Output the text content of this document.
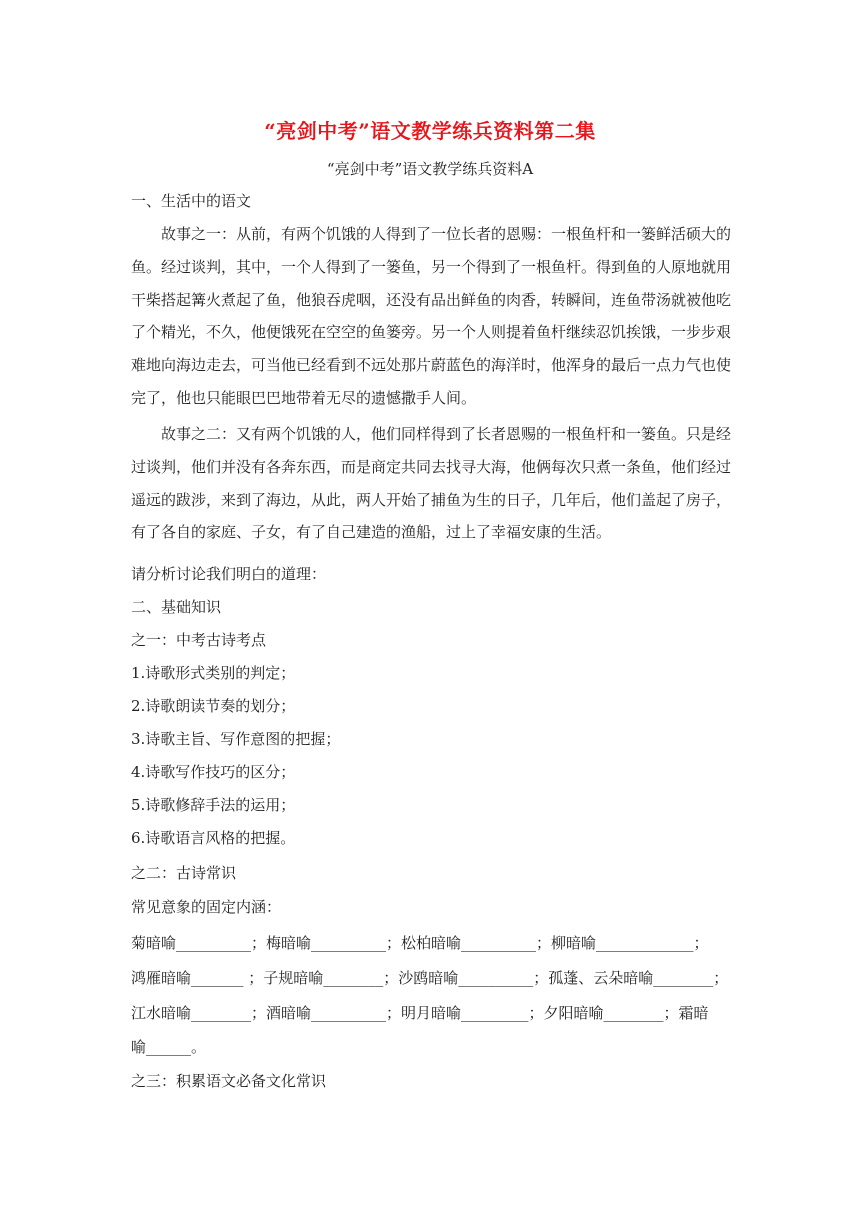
“亮剑中考”语文教学练兵资料第二集
“亮剑中考”语文教学练兵资料A
一、生活中的语文
故事之一：从前，有两个饥饿的人得到了一位长者的恩赐：一根鱼杆和一篓鲜活硕大的鱼。经过谈判，其中，一个人得到了一篓鱼，另一个得到了一根鱼杆。得到鱼的人原地就用干柴搭起篝火煮起了鱼，他狼吞虎咽，还没有品出鲜鱼的肉香，转瞬间，连鱼带汤就被他吃了个精光，不久，他便饿死在空空的鱼篓旁。另一个人则提着鱼杆继续忍饥挨饿，一步步艰难地向海边走去，可当他已经看到不远处那片蔚蓝色的海洋时，他浑身的最后一点力气也使完了，他也只能眼巴巴地带着无尽的遗憾撒手人间。
故事之二：又有两个饥饿的人，他们同样得到了长者恩赐的一根鱼杆和一篓鱼。只是经过谈判，他们并没有各奔东西，而是商定共同去找寻大海，他俩每次只煮一条鱼，他们经过遥远的跋涉，来到了海边，从此，两人开始了捕鱼为生的日子，几年后，他们盖起了房子，有了各自的家庭、子女，有了自己建造的渔船，过上了幸福安康的生活。
请分析讨论我们明白的道理：
二、基础知识
之一：中考古诗考点
1.诗歌形式类别的判定；
2.诗歌朗读节奏的划分；
3.诗歌主旨、写作意图的把握；
4.诗歌写作技巧的区分；
5.诗歌修辞手法的运用；
6.诗歌语言风格的把握。
之二：古诗常识
常见意象的固定内涵：
菊暗喻__________；梅暗喻__________；松柏暗喻__________；柳暗喻_____________；
鸿雁暗喻_______ ；子规暗喻________；沙鸥暗喻__________；孤蓬、云朵暗喻________；
江水暗喻________；酒暗喻__________；明月暗喻_________；夕阳暗喻________；霜暗
喻______。
之三：积累语文必备文化常识
